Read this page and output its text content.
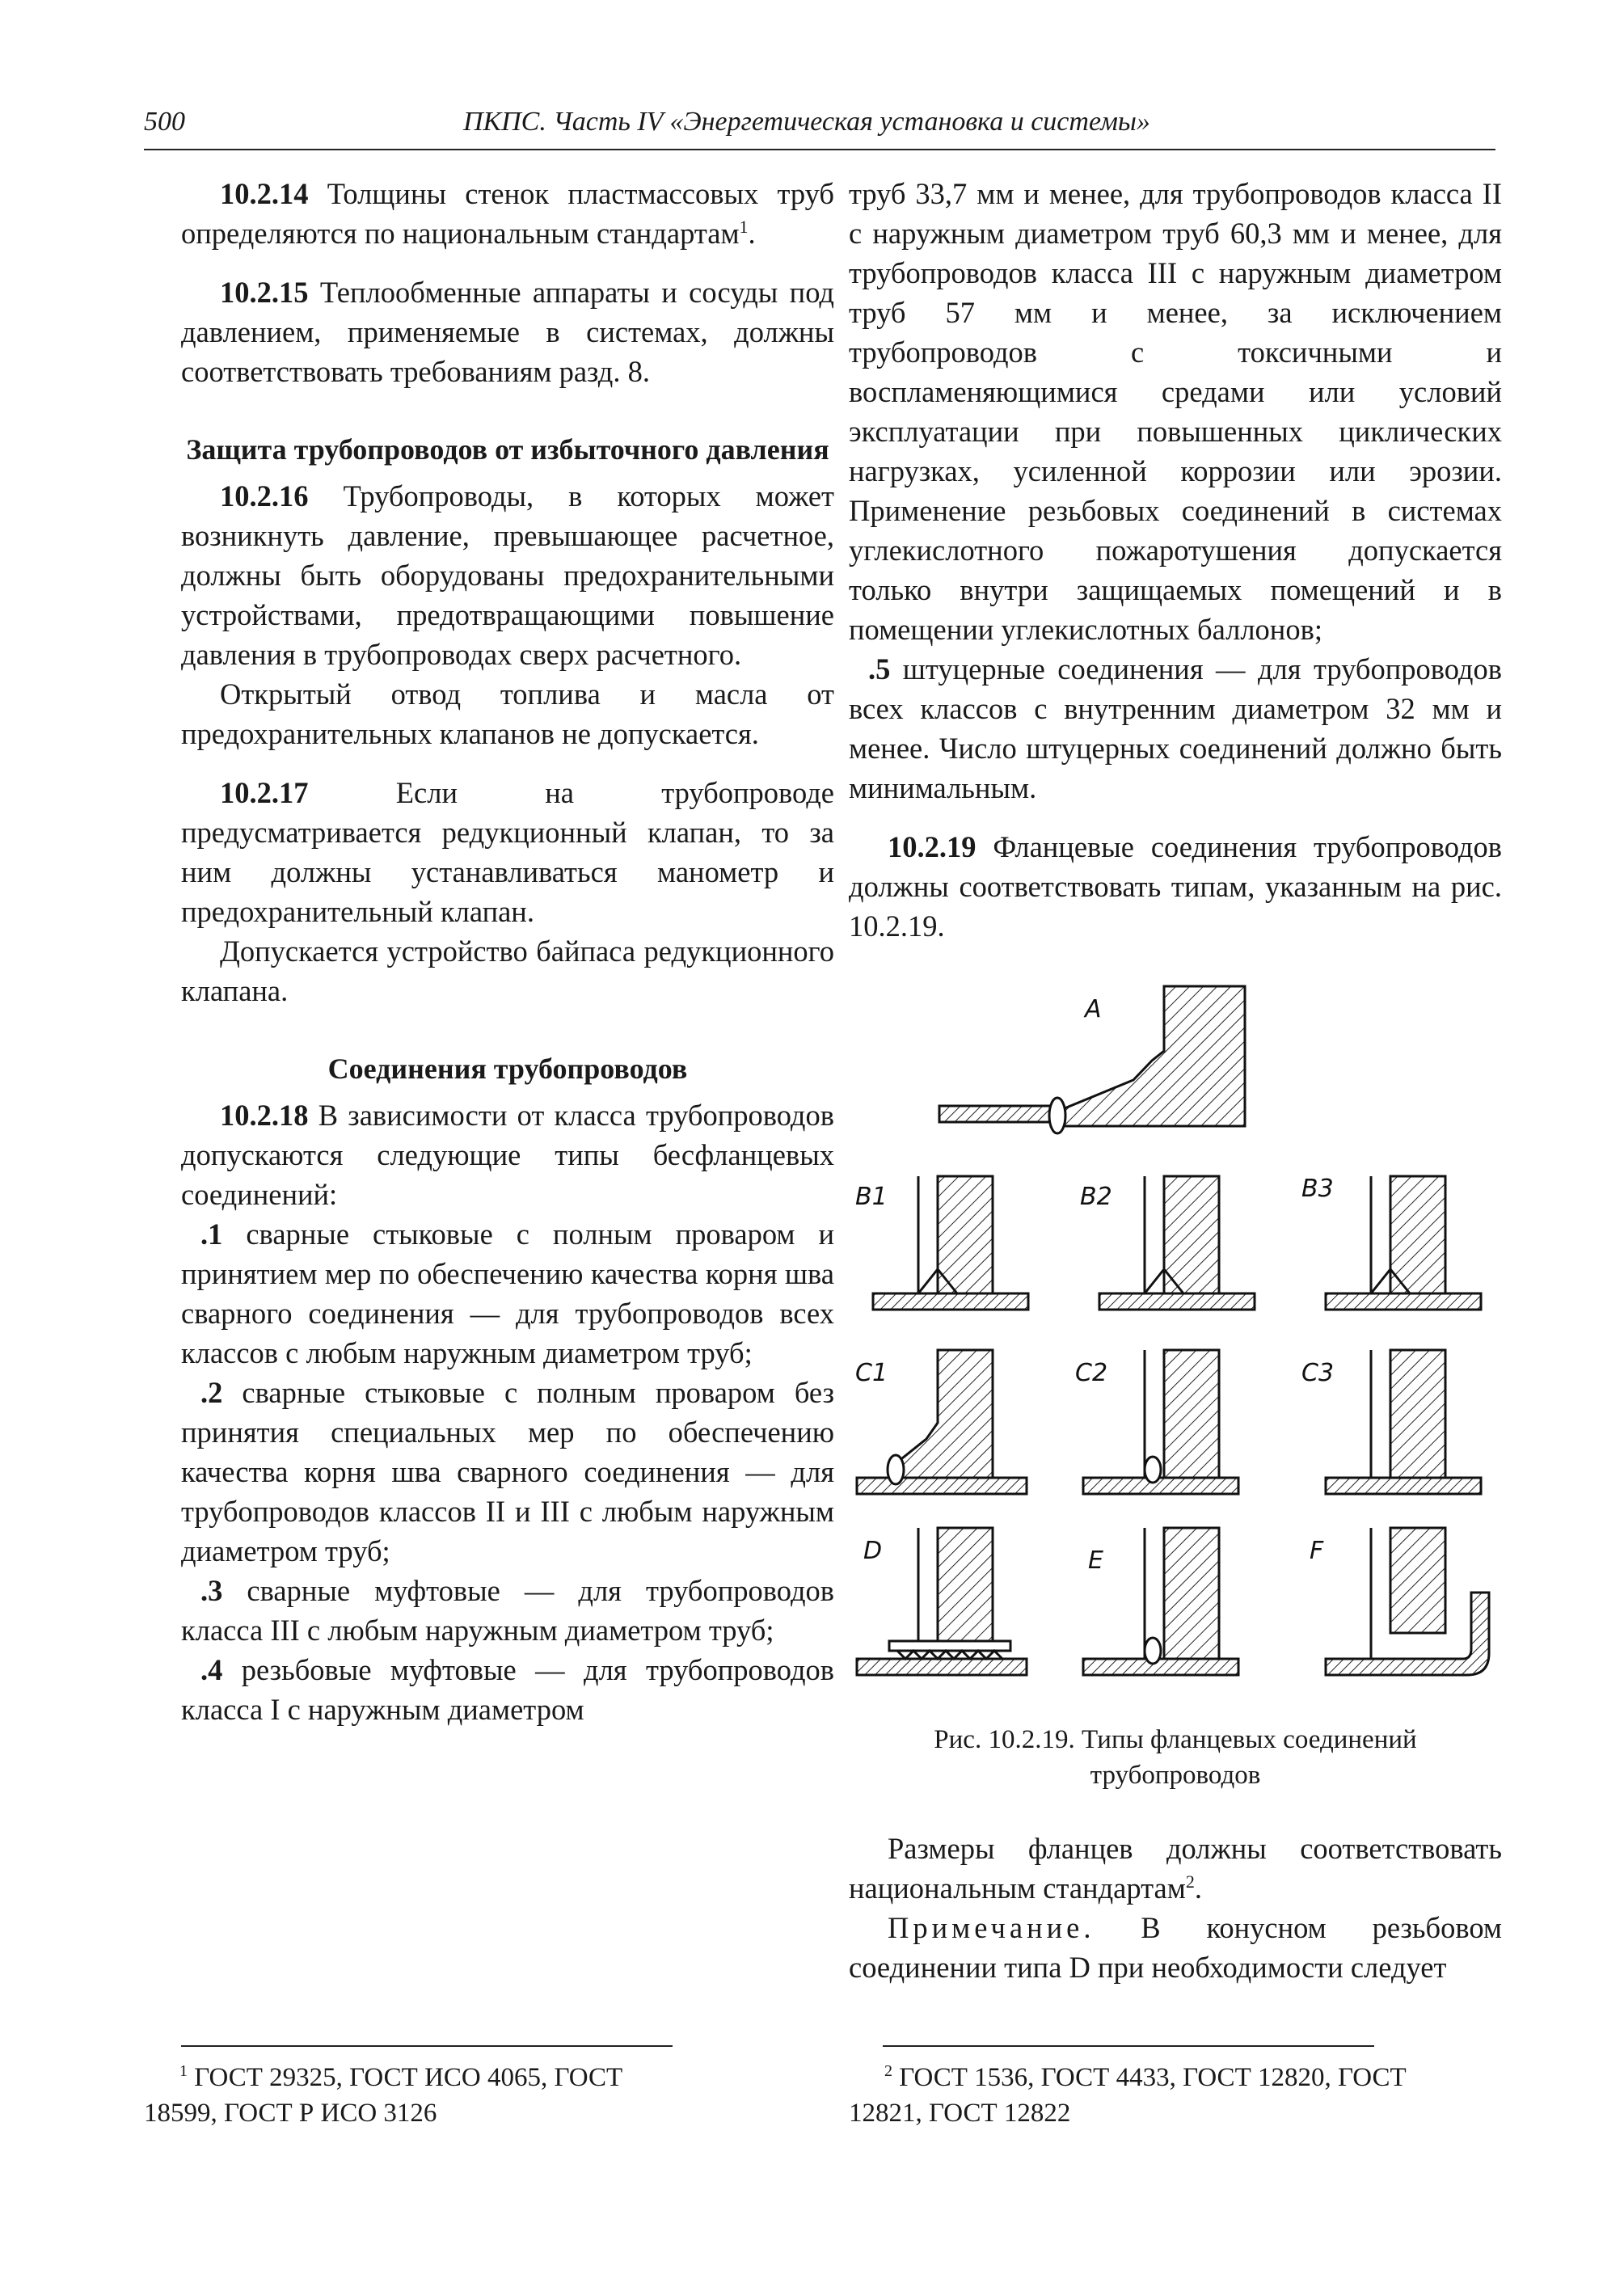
500	ПКПС. Часть IV «Энергетическая установка и системы»

10.2.14 Толщины стенок пластмассовых труб определяются по национальным стандартам$^1$.

10.2.15 Теплообменные аппараты и сосуды под давлением, применяемые в системах, должны соответствовать требованиям разд. 8.

Защита трубопроводов от избыточного давления

10.2.16 Трубопроводы, в которых может возникнуть давление, превышающее расчетное, должны быть оборудованы предохранительными устройствами, предотвращающими повышение давления в трубопроводах сверх расчетного.

Открытый отвод топлива и масла от предохранительных клапанов не допускается.

10.2.17 Если на трубопроводе предусматривается редукционный клапан, то за ним должны устанавливаться манометр и предохранительный клапан.

Допускается устройство байпаса редукционного клапана.

Соединения трубопроводов

10.2.18 В зависимости от класса трубопроводов допускаются следующие типы бесфланцевых соединений:

.1 сварные стыковые с полным проваром и принятием мер по обеспечению качества корня шва сварного соединения — для трубопроводов всех классов с любым наружным диаметром труб;

.2 сварные стыковые с полным проваром без принятия специальных мер по обеспечению качества корня шва сварного соединения — для трубопроводов классов II и III с любым наружным диаметром труб;

.3 сварные муфтовые — для трубопроводов класса III с любым наружным диаметром труб;

.4 резьбовые муфтовые — для трубопроводов класса I с наружным диаметром

труб 33,7 мм и менее, для трубопроводов класса II с наружным диаметром труб 60,3 мм и менее, для трубопроводов класса III с наружным диаметром труб 57 мм и менее, за исключением трубопроводов с токсичными и воспламеняющимися средами или условий эксплуатации при повышенных циклических нагрузках, усиленной коррозии или эрозии. Применение резьбовых соединений в системах углекислотного пожаротушения допускается только внутри защищаемых помещений и в помещении углекислотных баллонов;

.5 штуцерные соединения — для трубопроводов всех классов с внутренним диаметром 32 мм и менее. Число штуцерных соединений должно быть минимальным.

10.2.19 Фланцевые соединения трубопроводов должны соответствовать типам, указанным на рис. 10.2.19.

A
B1	B2	B3
C1	C2	C3
D	E	F

Рис. 10.2.19. Типы фланцевых соединений трубопроводов

Размеры фланцев должны соответствовать национальным стандартам$^2$.

Примечание. В конусном резьбовом соединении типа D при необходимости следует

$^1$ ГОСТ 29325, ГОСТ ИСО 4065, ГОСТ 18599, ГОСТ Р ИСО 3126
$^2$ ГОСТ 1536, ГОСТ 4433, ГОСТ 12820, ГОСТ 12821, ГОСТ 12822
